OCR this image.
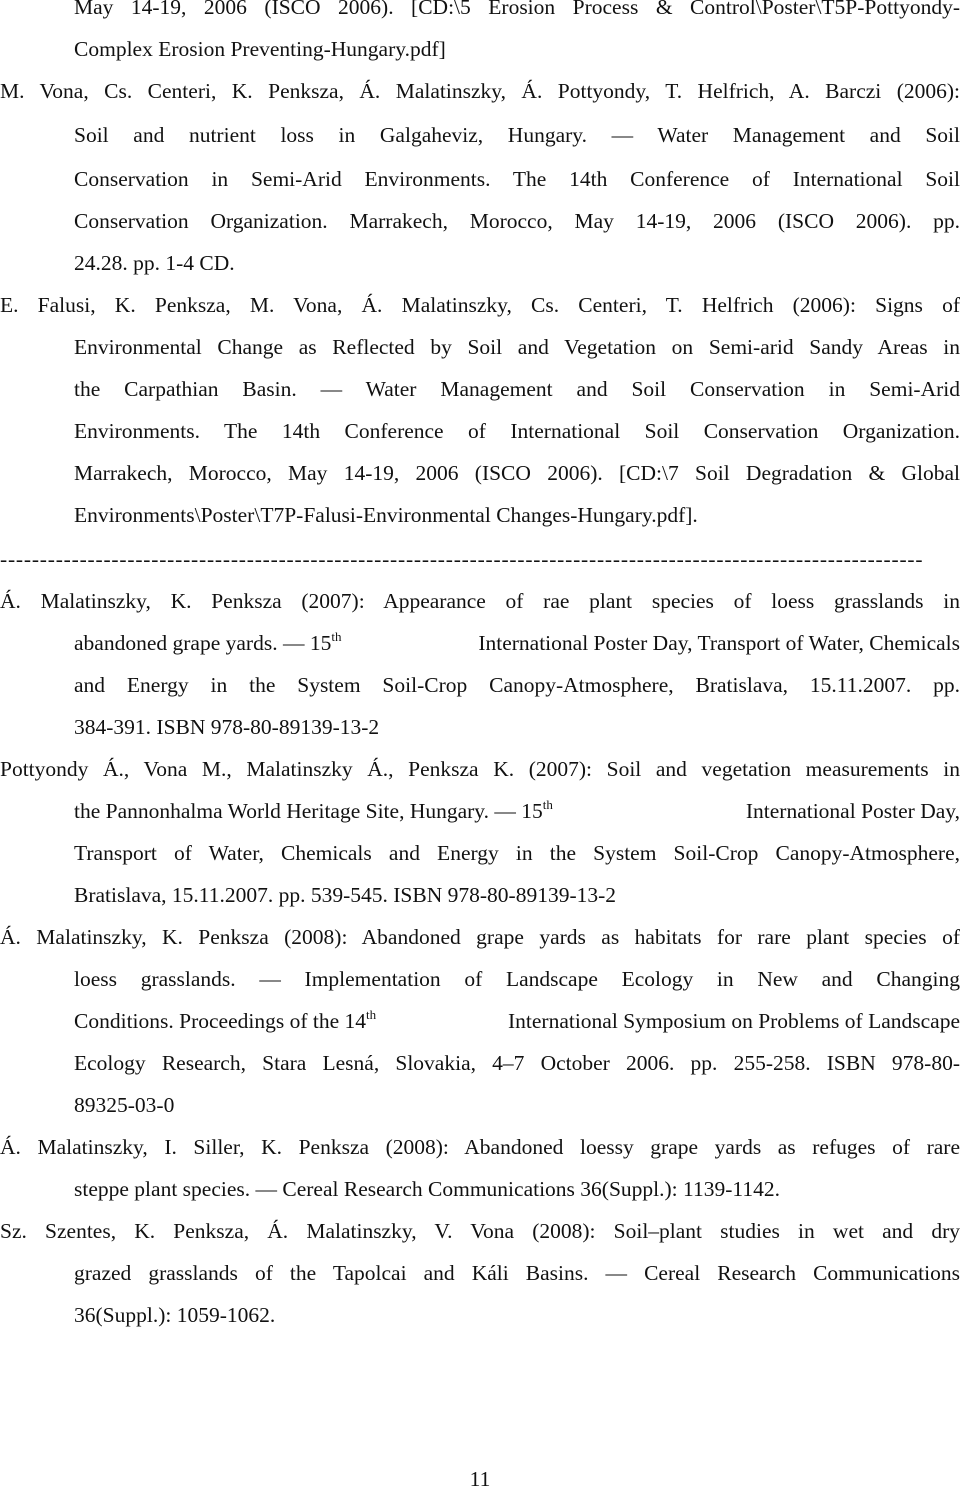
May 14-19, 2006 (ISCO 2006). [CD:\5 Erosion Process & Control\Poster\T5P-Pottyondy-
Complex Erosion Preventing-Hungary.pdf]
M. Vona, Cs. Centeri, K. Penksza, Á. Malatinszky, Á. Pottyondy, T. Helfrich, A. Barczi (2006):
Soil and nutrient loss in Galgaheviz, Hungary. — Water Management and Soil
Conservation in Semi-Arid Environments. The 14th Conference of International Soil
Conservation Organization. Marrakech, Morocco, May 14-19, 2006 (ISCO 2006). pp.
24.28. pp. 1-4 CD.
E. Falusi, K. Penksza, M. Vona, Á. Malatinszky, Cs. Centeri, T. Helfrich (2006): Signs of
Environmental Change as Reflected by Soil and Vegetation on Semi-arid Sandy Areas in
the Carpathian Basin. — Water Management and Soil Conservation in Semi-Arid
Environments. The 14th Conference of International Soil Conservation Organization.
Marrakech, Morocco, May 14-19, 2006 (ISCO 2006). [CD:\7 Soil Degradation & Global
Environments\Poster\T7P-Falusi-Environmental Changes-Hungary.pdf].
--------------------------------------------------------------------------------------------------------------------
Á. Malatinszky, K. Penksza (2007): Appearance of rae plant species of loess grasslands in
abandoned grape yards. — 15th	International Poster Day, Transport of Water, Chemicals
and Energy in the System Soil-Crop Canopy-Atmosphere, Bratislava, 15.11.2007. pp.
384-391. ISBN 978-80-89139-13-2
Pottyondy Á., Vona M., Malatinszky Á., Penksza K. (2007): Soil and vegetation measurements in
the Pannonhalma World Heritage Site, Hungary. — 15th	International Poster Day,
Transport of Water, Chemicals and Energy in the System Soil-Crop Canopy-Atmosphere,
Bratislava, 15.11.2007. pp. 539-545. ISBN 978-80-89139-13-2
Á. Malatinszky, K. Penksza (2008): Abandoned grape yards as habitats for rare plant species of
loess grasslands. — Implementation of Landscape Ecology in New and Changing
Conditions. Proceedings of the 14th	International Symposium on Problems of Landscape
Ecology Research, Stara Lesná, Slovakia, 4–7 October 2006. pp. 255-258. ISBN 978-80-
89325-03-0
Á. Malatinszky, I. Siller, K. Penksza (2008): Abandoned loessy grape yards as refuges of rare
steppe plant species. — Cereal Research Communications 36(Suppl.): 1139-1142.
Sz. Szentes, K. Penksza, Á. Malatinszky, V. Vona (2008): Soil–plant studies in wet and dry
grazed grasslands of the Tapolcai and Káli Basins. — Cereal Research Communications
36(Suppl.): 1059-1062.
11
